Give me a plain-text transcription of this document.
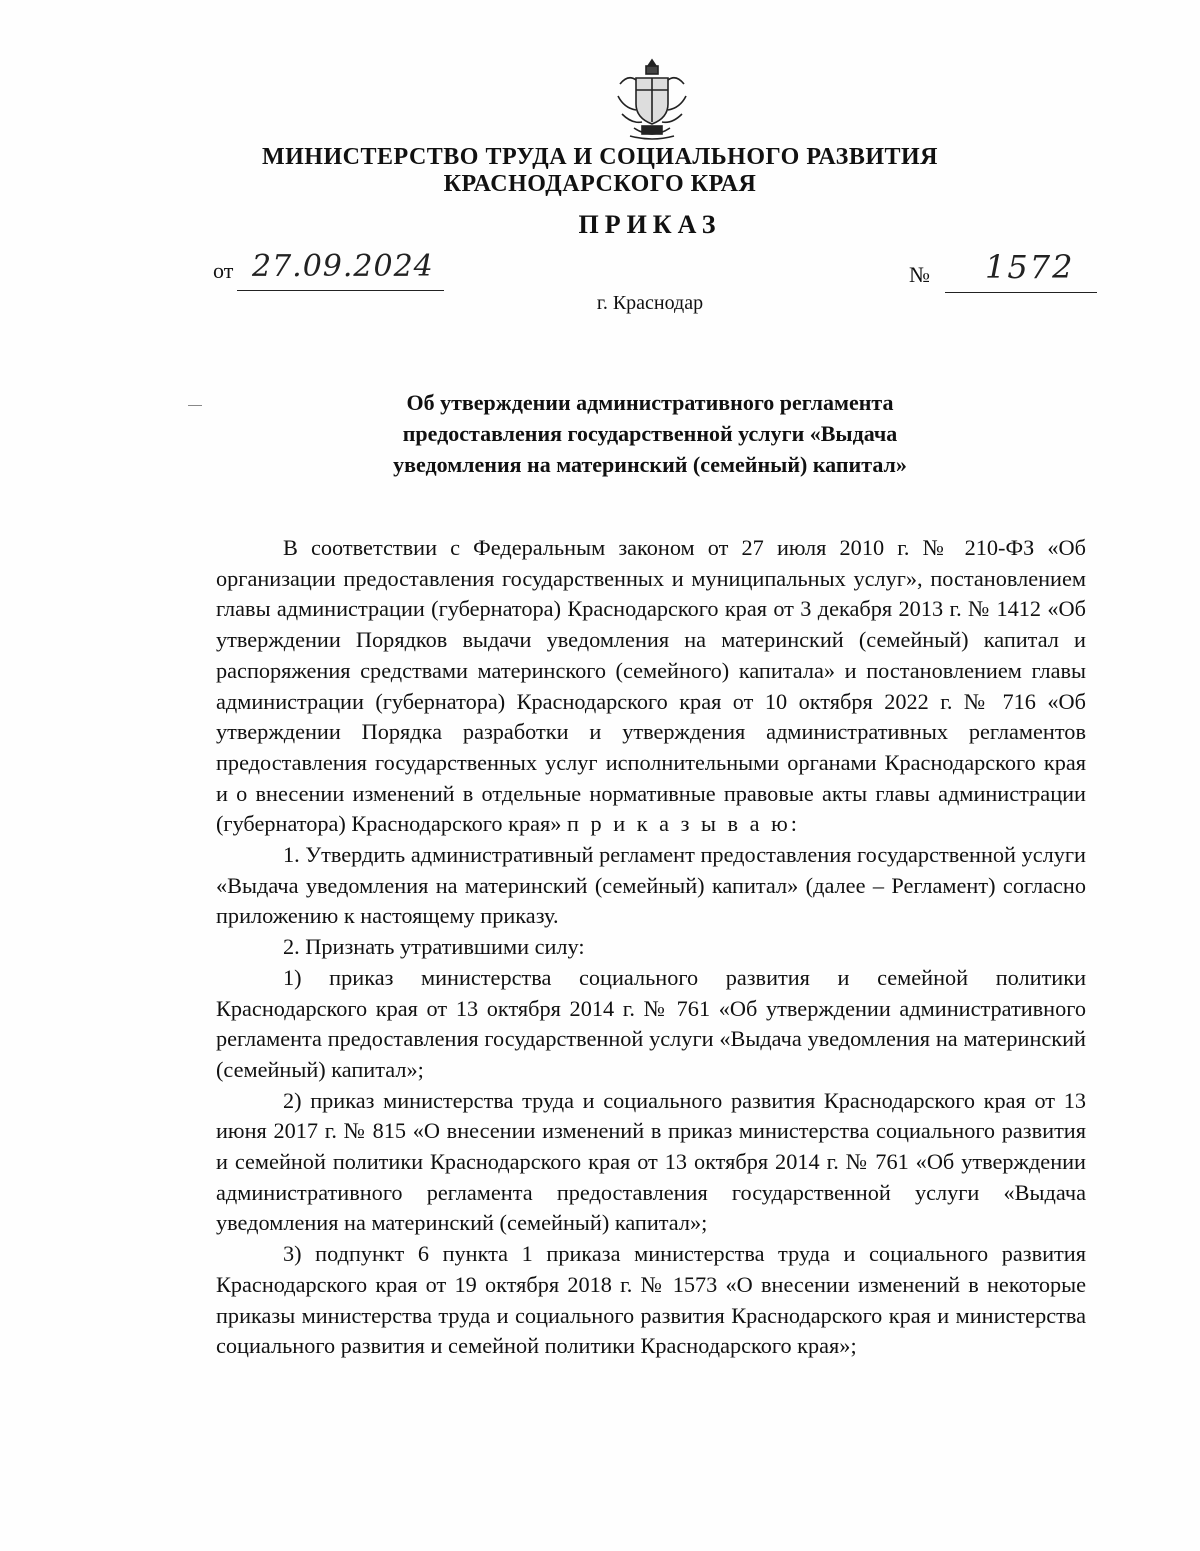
МИНИСТЕРСТВО ТРУДА И СОЦИАЛЬНОГО РАЗВИТИЯ
КРАСНОДАРСКОГО КРАЯ
ПРИКАЗ
от 27.09.2024	№ 1572
г. Краснодар
Об утверждении административного регламента
предоставления государственной услуги «Выдача
уведомления на материнский (семейный) капитал»

В соответствии с Федеральным законом от 27 июля 2010 г. № 210-ФЗ «Об организации предоставления государственных и муниципальных услуг», постановлением главы администрации (губернатора) Краснодарского края от 3 декабря 2013 г. № 1412 «Об утверждении Порядков выдачи уведомления на материнский (семейный) капитал и распоряжения средствами материнского (семейного) капитала» и постановлением главы администрации (губернатора) Краснодарского края от 10 октября 2022 г. № 716 «Об утверждении Порядка разработки и утверждения административных регламентов предоставления государственных услуг исполнительными органами Краснодарского края и о внесении изменений в отдельные нормативные правовые акты главы администрации (губернатора) Краснодарского края» п р и к а з ы в а ю:

1. Утвердить административный регламент предоставления государственной услуги «Выдача уведомления на материнский (семейный) капитал» (далее – Регламент) согласно приложению к настоящему приказу.

2. Признать утратившими силу:

1) приказ министерства социального развития и семейной политики Краснодарского края от 13 октября 2014 г. № 761 «Об утверждении административного регламента предоставления государственной услуги «Выдача уведомления на материнский (семейный) капитал»;

2) приказ министерства труда и социального развития Краснодарского края от 13 июня 2017 г. № 815 «О внесении изменений в приказ министерства социального развития и семейной политики Краснодарского края от 13 октября 2014 г. № 761 «Об утверждении административного регламента предоставления государственной услуги «Выдача уведомления на материнский (семейный) капитал»;

3) подпункт 6 пункта 1 приказа министерства труда и социального развития Краснодарского края от 19 октября 2018 г. № 1573 «О внесении изменений в некоторые приказы министерства труда и социального развития Краснодарского края и министерства социального развития и семейной политики Краснодарского края»;
